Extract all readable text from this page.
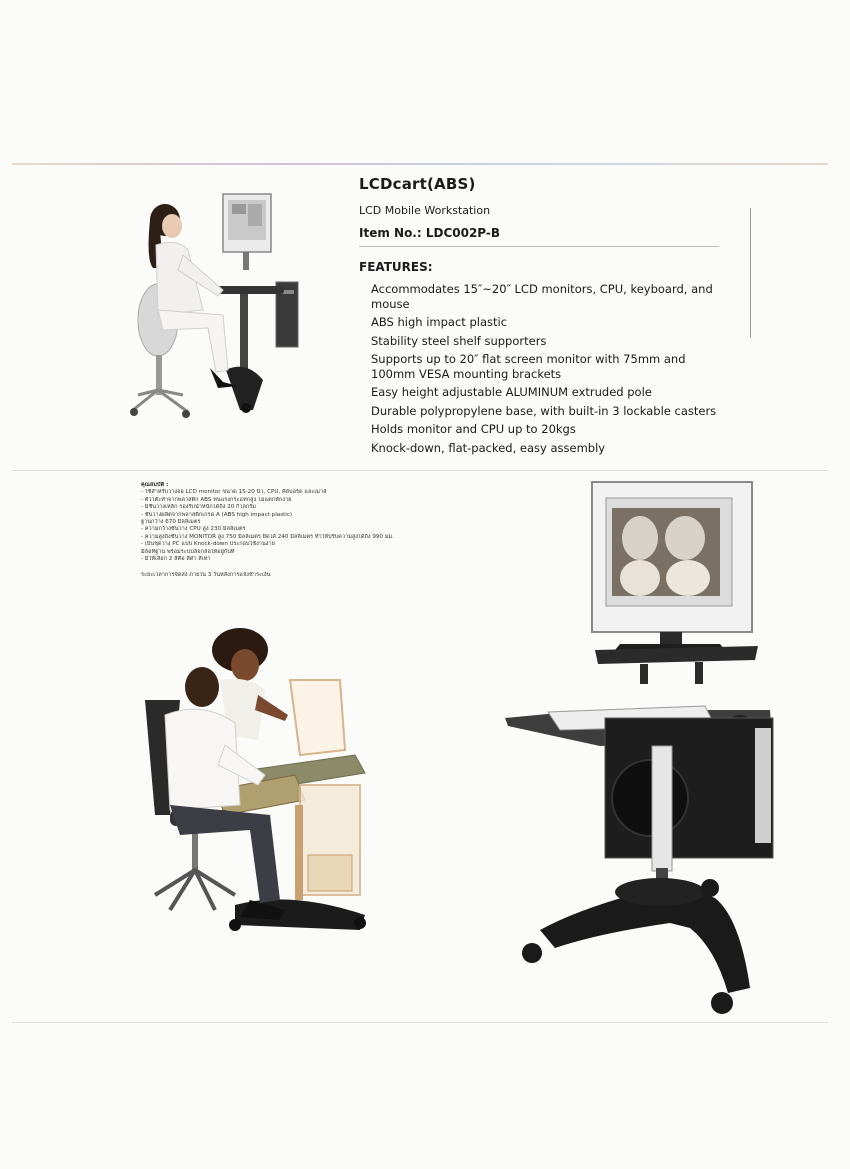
LCDcart(ABS)
LCD Mobile Workstation
Item No.: LDC002P-B
FEATURES:
Accommodates 15″~20″ LCD monitors, CPU, keyboard, and mouse
ABS high impact plastic
Stability steel shelf supporters
Supports up to 20″ flat screen monitor with 75mm and 100mm VESA mounting brackets
Easy height adjustable ALUMINUM extruded pole
Durable polypropylene base, with built-in 3 lockable casters
Holds monitor and CPU up to 20kgs
Knock-down, flat-packed, easy assembly
คุณสมบัติ :
- ใช้สำหรับวางจอ LCD monitor ขนาด 15-20 นิ้ว, CPU, คีย์บอร์ด และเมาส์
- ตัวโต๊ะทำจากพลาสติก ABS ทนแรงกระแทกสูง ไม่แตกหักง่าย
- มีชั้นวางเหล็ก รองรับน้ำหนักได้ถึง 20 กิโลกรัม
- ชั้นวางผลิตจากพลาสติกเกรด A (ABS high impact plastic)
ฐานกว้าง 670 มิลลิเมตร
- ความกว้างชั้นวาง CPU สูง 230 มิลลิเมตร
- ความสูงถึงชั้นวาง MONITOR สูง 750 มิลลิเมตร ยืดได้ 240 มิลลิเมตร ทำให้ปรับความสูงได้ถึง 990 มม.
- เป็นชุดวาง PC แบบ Knock-down ประกอบใช้งานง่าย
มีล้อที่ฐาน พร้อมระบบล็อกล้อให้อยู่กับที่
- มีให้เลือก 2 สีคือ สีดำ สีเทา
ระยะเวลาการจัดส่ง ภายใน 3 วันหลังการแจ้งชำระเงิน
